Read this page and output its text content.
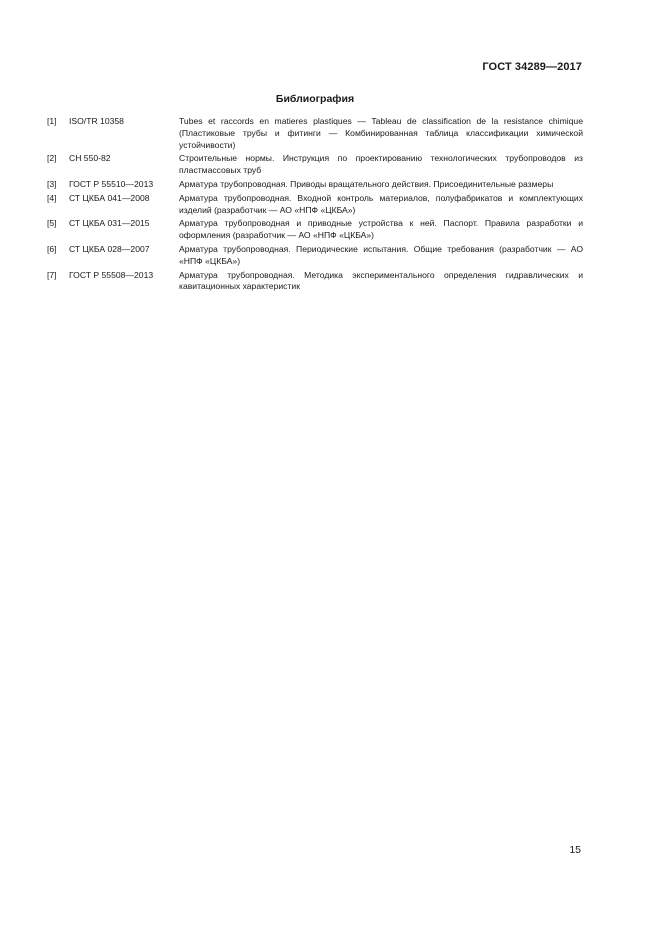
ГОСТ 34289—2017
Библиография
[1]	ISO/TR 10358	Tubes et raccords en matieres plastiques — Tableau de classification de la resistance chimique (Пластиковые трубы и фитинги — Комбинированная таблица классификации химической устойчивости)
[2]	СН 550-82	Строительные нормы. Инструкция по проектированию технологических трубопроводов из пластмассовых труб
[3]	ГОСТ Р 55510—2013	Арматура трубопроводная. Приводы вращательного действия. Присоединительные размеры
[4]	СТ ЦКБА 041—2008	Арматура трубопроводная. Входной контроль материалов, полуфабрикатов и комплектующих изделий (разработчик — АО «НПФ «ЦКБА»)
[5]	СТ ЦКБА 031—2015	Арматура трубопроводная и приводные устройства к ней. Паспорт. Правила разработки и оформления (разработчик — АО «НПФ «ЦКБА»)
[6]	СТ ЦКБА 028—2007	Арматура трубопроводная. Периодические испытания. Общие требования (разработчик — АО «НПФ «ЦКБА»)
[7]	ГОСТ Р 55508—2013	Арматура трубопроводная. Методика экспериментального определения гидравлических и кавитационных характеристик
15
